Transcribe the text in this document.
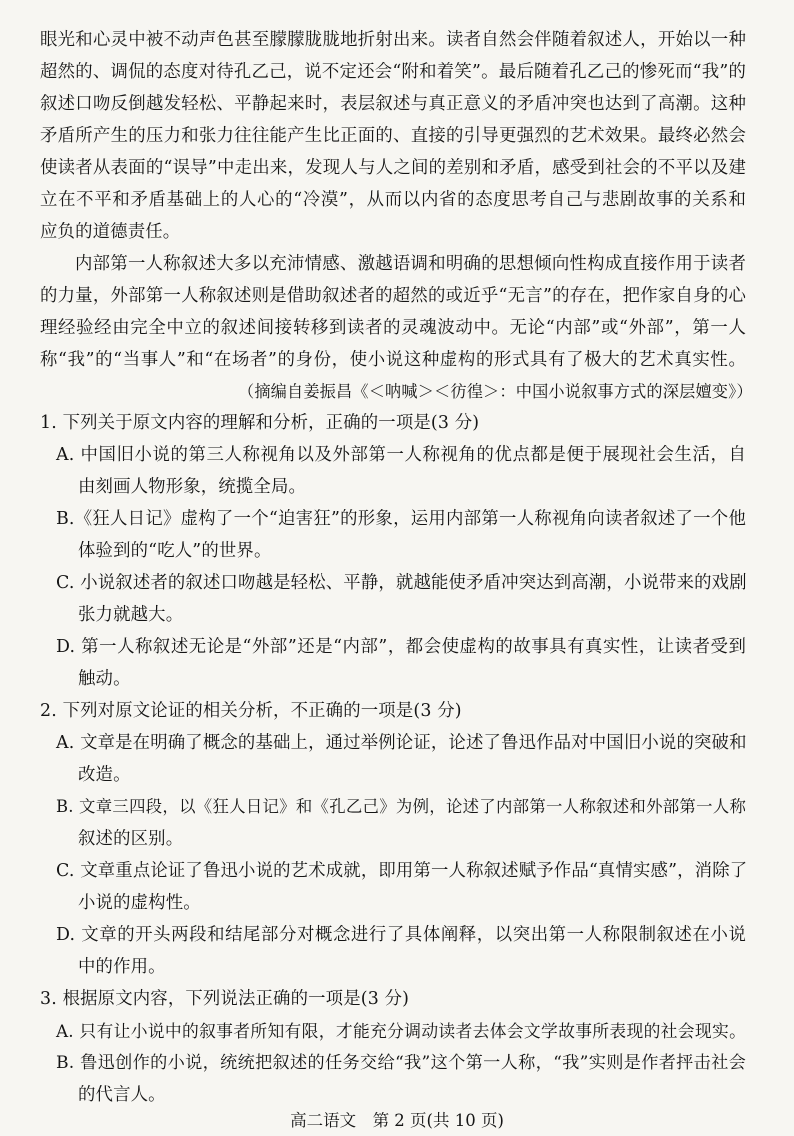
眼光和心灵中被不动声色甚至朦朦胧胧地折射出来。读者自然会伴随着叙述人，开始以一种
超然的、调侃的态度对待孔乙己，说不定还会“附和着笑”。最后随着孔乙己的惨死而“我”的
叙述口吻反倒越发轻松、平静起来时，表层叙述与真正意义的矛盾冲突也达到了高潮。这种
矛盾所产生的压力和张力往往能产生比正面的、直接的引导更强烈的艺术效果。最终必然会
使读者从表面的“误导”中走出来，发现人与人之间的差别和矛盾，感受到社会的不平以及建
立在不平和矛盾基础上的人心的“冷漠”，从而以内省的态度思考自己与悲剧故事的关系和
应负的道德责任。
内部第一人称叙述大多以充沛情感、激越语调和明确的思想倾向性构成直接作用于读者
的力量，外部第一人称叙述则是借助叙述者的超然的或近乎“无言”的存在，把作家自身的心
理经验经由完全中立的叙述间接转移到读者的灵魂波动中。无论“内部”或“外部”，第一人
称“我”的“当事人”和“在场者”的身份，使小说这种虚构的形式具有了极大的艺术真实性。
（摘编自姜振昌《＜呐喊＞＜彷徨＞：中国小说叙事方式的深层嬗变》）
1. 下列关于原文内容的理解和分析，正确的一项是(3 分)
A. 中国旧小说的第三人称视角以及外部第一人称视角的优点都是便于展现社会生活，自
由刻画人物形象，统揽全局。
B.《狂人日记》虚构了一个“迫害狂”的形象，运用内部第一人称视角向读者叙述了一个他
体验到的“吃人”的世界。
C. 小说叙述者的叙述口吻越是轻松、平静，就越能使矛盾冲突达到高潮，小说带来的戏剧
张力就越大。
D. 第一人称叙述无论是“外部”还是“内部”，都会使虚构的故事具有真实性，让读者受到
触动。
2. 下列对原文论证的相关分析，不正确的一项是(3 分)
A. 文章是在明确了概念的基础上，通过举例论证，论述了鲁迅作品对中国旧小说的突破和
改造。
B. 文章三四段，以《狂人日记》和《孔乙己》为例，论述了内部第一人称叙述和外部第一人称
叙述的区别。
C. 文章重点论证了鲁迅小说的艺术成就，即用第一人称叙述赋予作品“真情实感”，消除了
小说的虚构性。
D. 文章的开头两段和结尾部分对概念进行了具体阐释，以突出第一人称限制叙述在小说
中的作用。
3. 根据原文内容，下列说法正确的一项是(3 分)
A. 只有让小说中的叙事者所知有限，才能充分调动读者去体会文学故事所表现的社会现实。
B. 鲁迅创作的小说，统统把叙述的任务交给“我”这个第一人称，“我”实则是作者抨击社会
的代言人。
高二语文　第 2 页(共 10 页)
